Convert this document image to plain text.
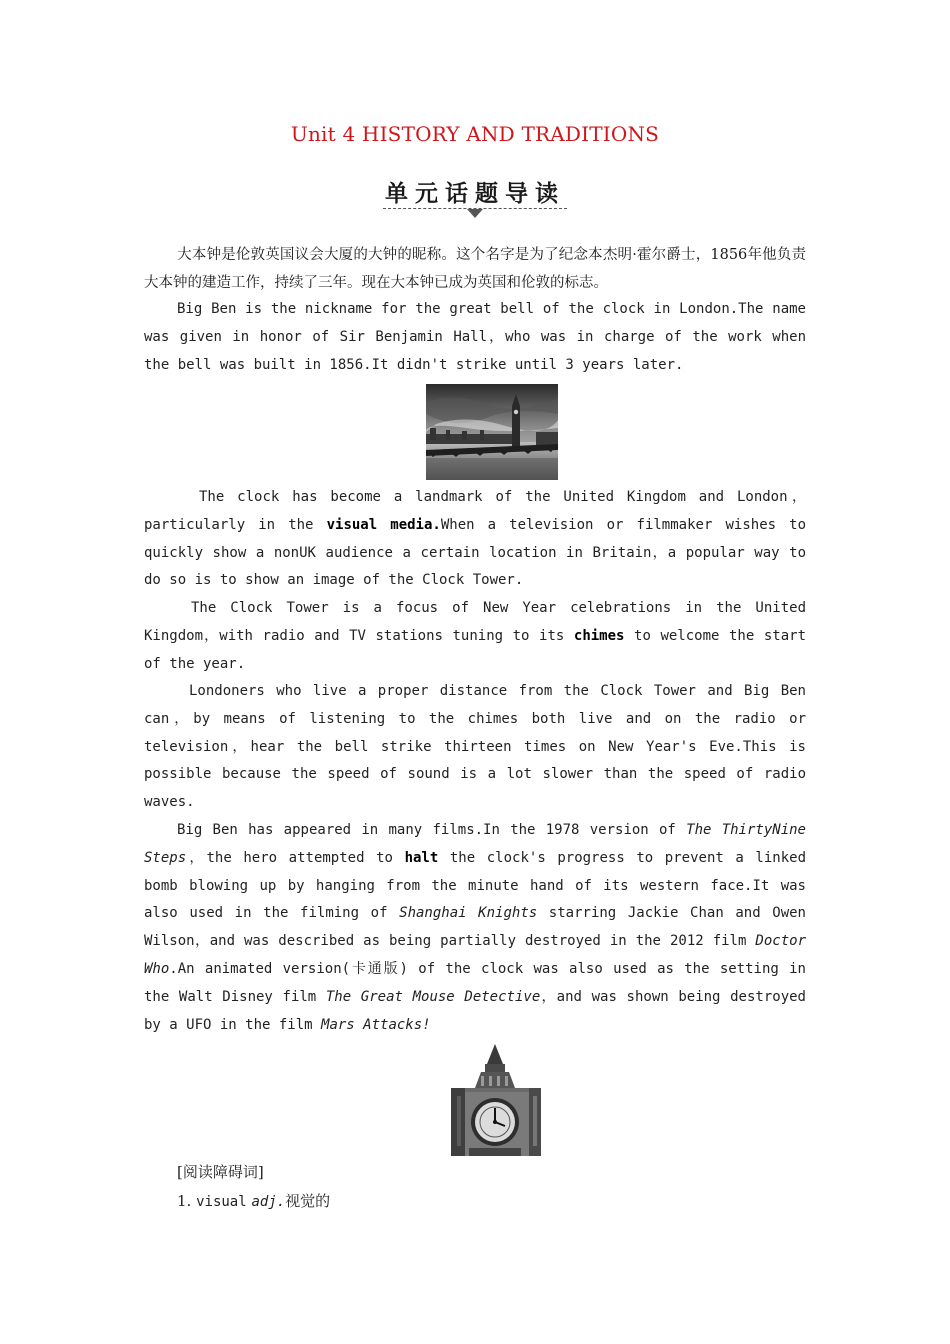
Unit 4 HISTORY AND TRADITIONS
单元话题导读
大本钟是伦敦英国议会大厦的大钟的昵称。这个名字是为了纪念本杰明·霍尔爵士，1856年他负责大本钟的建造工作，持续了三年。现在大本钟已成为英国和伦敦的标志。
Big Ben is the nickname for the great bell of the clock in London.The name was given in honor of Sir Benjamin Hall，who was in charge of the work when the bell was built in 1856.It didn't strike until 3 years later.
The clock has become a landmark of the United Kingdom and London，particularly in the visual media.When a television or filmmaker wishes to quickly show a nonUK audience a certain location in Britain，a popular way to do so is to show an image of the Clock Tower.
The Clock Tower is a focus of New Year celebrations in the United Kingdom，with radio and TV stations tuning to its chimes to welcome the start of the year.
Londoners who live a proper distance from the Clock Tower and Big Ben can，by means of listening to the chimes both live and on the radio or television，hear the bell strike thirteen times on New Year's Eve.This is possible because the speed of sound is a lot slower than the speed of radio waves.
Big Ben has appeared in many films.In the 1978 version of The ThirtyNine Steps，the hero attempted to halt the clock's progress to prevent a linked bomb blowing up by hanging from the minute hand of its western face.It was also used in the filming of Shanghai Knights starring Jackie Chan and Owen Wilson，and was described as being partially destroyed in the 2012 film Doctor Who.An animated version(卡通版) of the clock was also used as the setting in the Walt Disney film The Great Mouse Detective，and was shown being destroyed by a UFO in the film Mars Attacks!
[阅读障碍词]
1. visual adj.视觉的
